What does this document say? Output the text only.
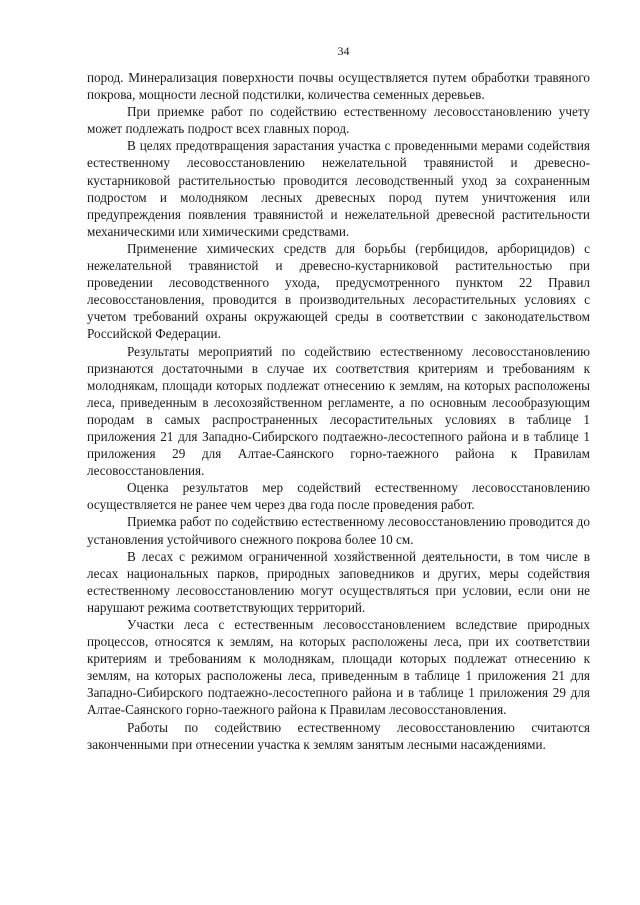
34

пород. Минерализация поверхности почвы осуществляется путем обработки травяного покрова, мощности лесной подстилки, количества семенных деревьев.

При приемке работ по содействию естественному лесовосстановлению учету может подлежать подрост всех главных пород.

В целях предотвращения зарастания участка с проведенными мерами содействия естественному лесовосстановлению нежелательной травянистой и древесно-кустарниковой растительностью проводится лесоводственный уход за сохраненным подростом и молодняком лесных древесных пород путем уничтожения или предупреждения появления травянистой и нежелательной древесной растительности механическими или химическими средствами.

Применение химических средств для борьбы (гербицидов, арборицидов) с нежелательной травянистой и древесно-кустарниковой растительностью при проведении лесоводственного ухода, предусмотренного пунктом 22 Правил лесовосстановления, проводится в производительных лесорастительных условиях с учетом требований охраны окружающей среды в соответствии с законодательством Российской Федерации.

Результаты мероприятий по содействию естественному лесовосстановлению признаются достаточными в случае их соответствия критериям и требованиям к молоднякам, площади которых подлежат отнесению к землям, на которых расположены леса, приведенным в лесохозяйственном регламенте, а по основным лесообразующим породам в самых распространенных лесорастительных условиях в таблице 1 приложения 21 для Западно-Сибирского подтаежно-лесостепного района и в таблице 1 приложения 29 для Алтае-Саянского горно-таежного района к Правилам лесовосстановления.

Оценка результатов мер содействий естественному лесовосстановлению осуществляется не ранее чем через два года после проведения работ.

Приемка работ по содействию естественному лесовосстановлению проводится до установления устойчивого снежного покрова более 10 см.

В лесах с режимом ограниченной хозяйственной деятельности, в том числе в лесах национальных парков, природных заповедников и других, меры содействия естественному лесовосстановлению могут осуществляться при условии, если они не нарушают режима соответствующих территорий.

Участки леса с естественным лесовосстановлением вследствие природных процессов, относятся к землям, на которых расположены леса, при их соответствии критериям и требованиям к молоднякам, площади которых подлежат отнесению к землям, на которых расположены леса, приведенным в таблице 1 приложения 21 для Западно-Сибирского подтаежно-лесостепного района и в таблице 1 приложения 29 для Алтае-Саянского горно-таежного района к Правилам лесовосстановления.

Работы по содействию естественному лесовосстановлению считаются законченными при отнесении участка к землям занятым лесными насаждениями.
